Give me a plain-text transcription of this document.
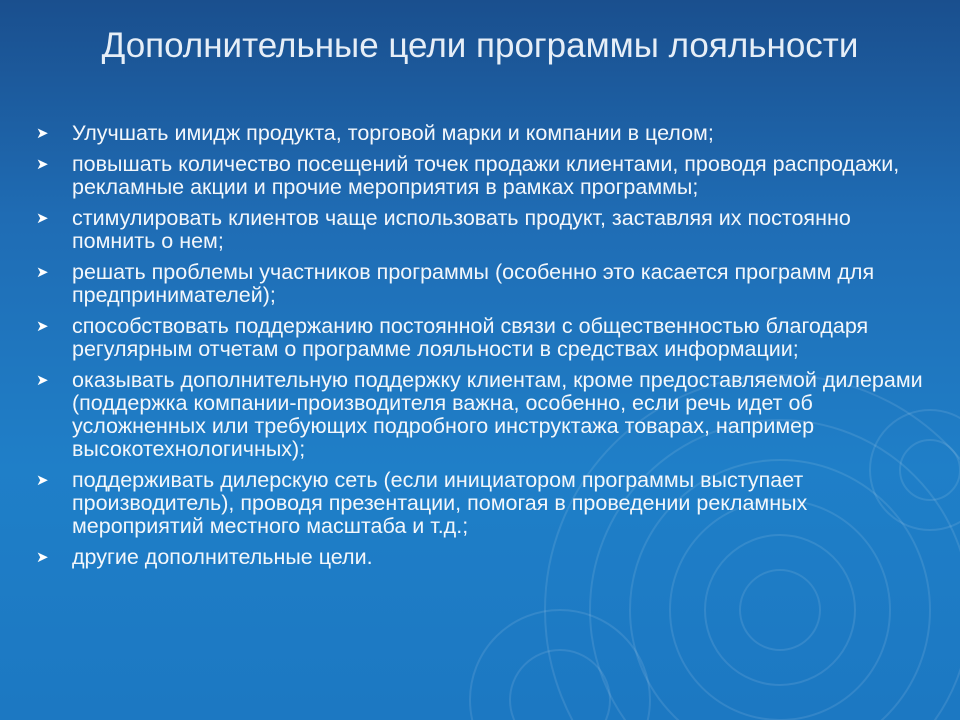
Дополнительные цели программы лояльности
➤ Улучшать имидж продукта, торговой марки и компании в целом;
➤ повышать количество посещений точек продажи клиентами, проводя распродажи, рекламные акции и прочие мероприятия в рамках программы;
➤ стимулировать клиентов чаще использовать продукт, заставляя их постоянно помнить о нем;
➤ решать проблемы участников программы (особенно это касается программ для предпринимателей);
➤ способствовать поддержанию постоянной связи с общественностью благодаря регулярным отчетам о программе лояльности в средствах информации;
➤ оказывать дополнительную поддержку клиентам, кроме предоставляемой дилерами (поддержка компании-производителя важна, особенно, если речь идет об усложненных или требующих подробного инструктажа товарах, например высокотехнологичных);
➤ поддерживать дилерскую сеть (если инициатором программы выступает производитель), проводя презентации, помогая в проведении рекламных мероприятий местного масштаба и т.д.;
➤ другие дополнительные цели.
